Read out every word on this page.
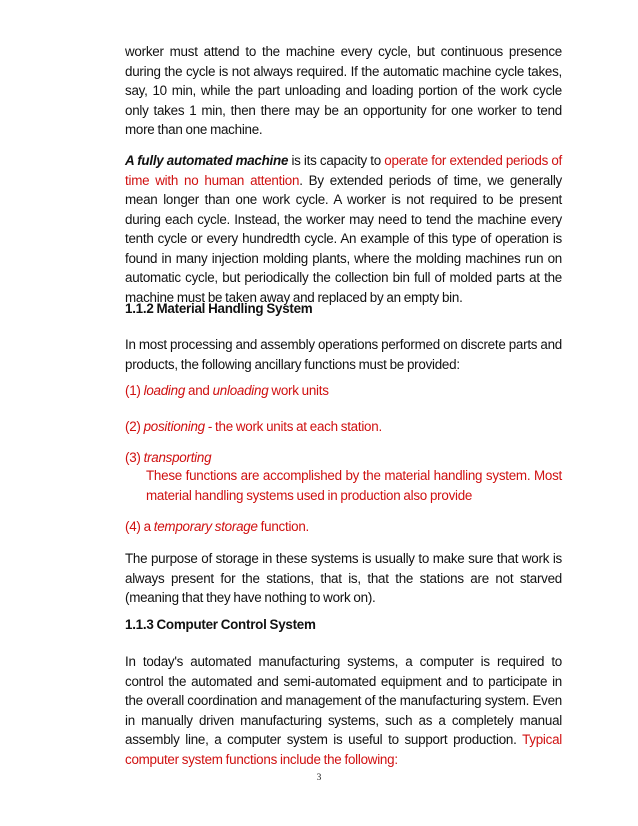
worker must attend to the machine every cycle, but continuous presence during the cycle is not always required. If the automatic machine cycle takes, say, 10 min, while the part unloading and loading portion of the work cycle only takes 1 min, then there may be an opportunity for one worker to tend more than one machine.

A fully automated machine is its capacity to operate for extended periods of time with no human attention. By extended periods of time, we generally mean longer than one work cycle. A worker is not required to be present during each cycle. Instead, the worker may need to tend the machine every tenth cycle or every hundredth cycle. An example of this type of operation is found in many injection molding plants, where the molding machines run on automatic cycle, but periodically the collection bin full of molded parts at the machine must be taken away and replaced by an empty bin.

1.1.2 Material Handling System

In most processing and assembly operations performed on discrete parts and products, the following ancillary functions must be provided:

(1) loading and unloading work units

(2) positioning - the work units at each station.

(3) transporting

These functions are accomplished by the material handling system. Most material handling systems used in production also provide

(4) a temporary storage function.

The purpose of storage in these systems is usually to make sure that work is always present for the stations, that is, that the stations are not starved (meaning that they have nothing to work on).

1.1.3 Computer Control System

In today's automated manufacturing systems, a computer is required to control the automated and semi-automated equipment and to participate in the overall coordination and management of the manufacturing system. Even in manually driven manufacturing systems, such as a completely manual assembly line, a computer system is useful to support production. Typical computer system functions include the following:

3
